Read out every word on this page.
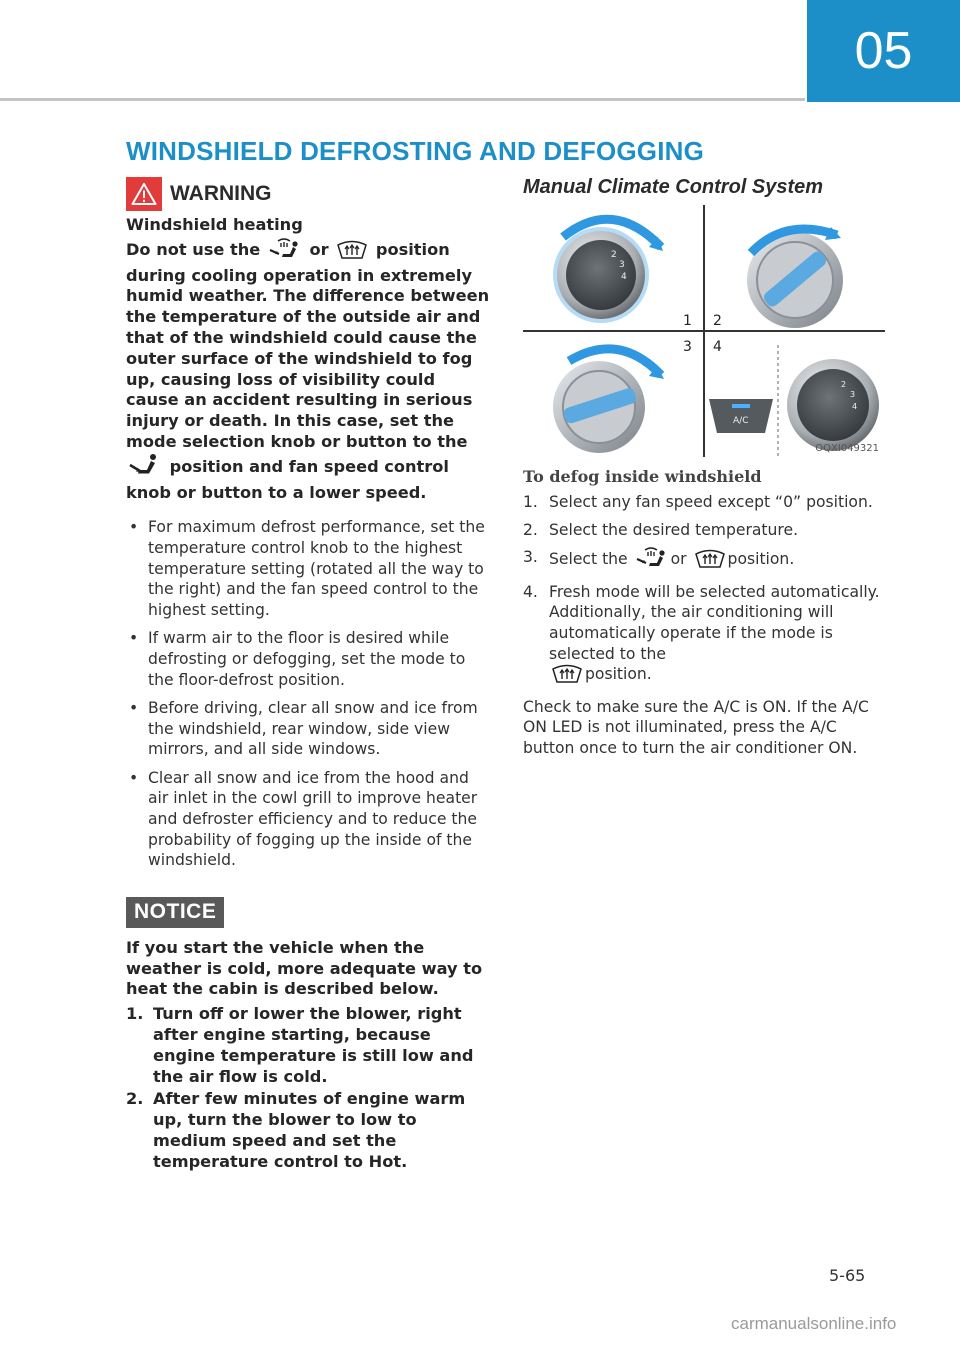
05
WINDSHIELD DEFROSTING AND DEFOGGING
WARNING
Windshield heating
Do not use the	or	position during cooling operation in extremely humid weather. The difference between the temperature of the outside air and that of the windshield could cause the outer surface of the windshield to fog up, causing loss of visibility could cause an accident resulting in serious injury or death. In this case, set the mode selection knob or button to the  position and fan speed control knob or button to a lower speed.
• For maximum defrost performance, set the temperature control knob to the highest temperature setting (rotated all the way to the right) and the fan speed control to the highest setting.
• If warm air to the floor is desired while defrosting or defogging, set the mode to the floor-defrost position.
• Before driving, clear all snow and ice from the windshield, rear window, side view mirrors, and all side windows.
• Clear all snow and ice from the hood and air inlet in the cowl grill to improve heater and defroster efficiency and to reduce the probability of fogging up the inside of the windshield.
NOTICE
If you start the vehicle when the weather is cold, more adequate way to heat the cabin is described below.
1. Turn off or lower the blower, right after engine starting, because engine temperature is still low and the air flow is cold.
2. After few minutes of engine warm up, turn the blower to low to medium speed and set the temperature control to Hot.
Manual Climate Control System
2
3
4
1 2
3 4
A/C
2
3
4
OQXI049321
To defog inside windshield
1. Select any fan speed except “0” position.
2. Select the desired temperature.
3. Select the	or	position.
4. Fresh mode will be selected automatically. Additionally, the air conditioning will automatically operate if the mode is selected to the
position.
Check to make sure the A/C is ON. If the A/C ON LED is not illuminated, press the A/C button once to turn the air conditioner ON.
5-65
carmanualsonline.info
